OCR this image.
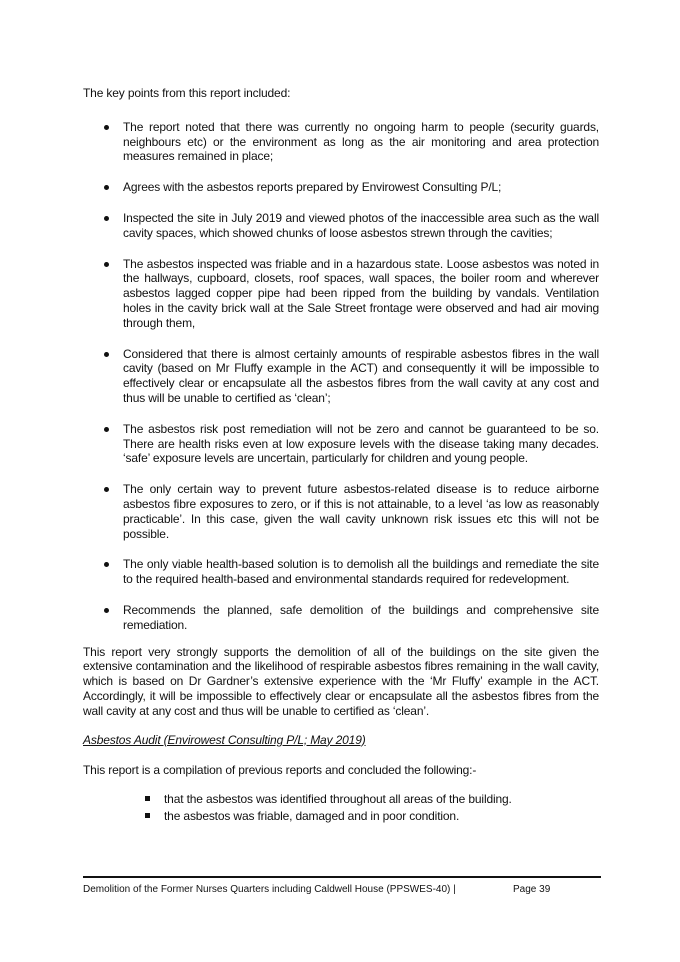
The key points from this report included:

The report noted that there was currently no ongoing harm to people (security guards, neighbours etc) or the environment as long as the air monitoring and area protection measures remained in place;
Agrees with the asbestos reports prepared by Envirowest Consulting P/L;
Inspected the site in July 2019 and viewed photos of the inaccessible area such as the wall cavity spaces, which showed chunks of loose asbestos strewn through the cavities;
The asbestos inspected was friable and in a hazardous state. Loose asbestos was noted in the hallways, cupboard, closets, roof spaces, wall spaces, the boiler room and wherever asbestos lagged copper pipe had been ripped from the building by vandals. Ventilation holes in the cavity brick wall at the Sale Street frontage were observed and had air moving through them,
Considered that there is almost certainly amounts of respirable asbestos fibres in the wall cavity (based on Mr Fluffy example in the ACT) and consequently it will be impossible to effectively clear or encapsulate all the asbestos fibres from the wall cavity at any cost and thus will be unable to certified as ‘clean’;
The asbestos risk post remediation will not be zero and cannot be guaranteed to be so. There are health risks even at low exposure levels with the disease taking many decades. ‘safe’ exposure levels are uncertain, particularly for children and young people.
The only certain way to prevent future asbestos-related disease is to reduce airborne asbestos fibre exposures to zero, or if this is not attainable, to a level ‘as low as reasonably practicable’. In this case, given the wall cavity unknown risk issues etc this will not be possible.
The only viable health-based solution is to demolish all the buildings and remediate the site to the required health-based and environmental standards required for redevelopment.
Recommends the planned, safe demolition of the buildings and comprehensive site remediation.

This report very strongly supports the demolition of all of the buildings on the site given the extensive contamination and the likelihood of respirable asbestos fibres remaining in the wall cavity, which is based on Dr Gardner’s extensive experience with the ‘Mr Fluffy’ example in the ACT. Accordingly, it will be impossible to effectively clear or encapsulate all the asbestos fibres from the wall cavity at any cost and thus will be unable to certified as ‘clean’.

Asbestos Audit (Envirowest Consulting P/L; May 2019)

This report is a compilation of previous reports and concluded the following:-

that the asbestos was identified throughout all areas of the building.
the asbestos was friable, damaged and in poor condition.
Demolition of the Former Nurses Quarters including Caldwell House (PPSWES-40) |	Page 39
